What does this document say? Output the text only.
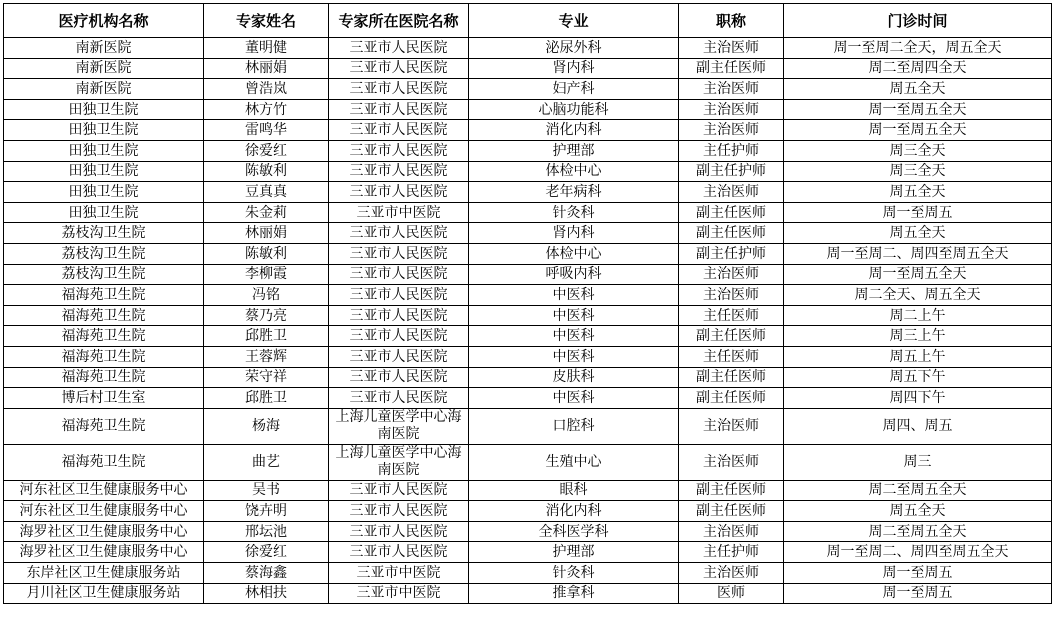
医疗机构名称	专家姓名	专家所在医院名称	专业	职称	门诊时间
南新医院	董明健	三亚市人民医院	泌尿外科	主治医师	周一至周二全天，周五全天
南新医院	林丽娟	三亚市人民医院	肾内科	副主任医师	周二至周四全天
南新医院	曾浩岚	三亚市人民医院	妇产科	主治医师	周五全天
田独卫生院	林方竹	三亚市人民医院	心脑功能科	主治医师	周一至周五全天
田独卫生院	雷鸣华	三亚市人民医院	消化内科	主治医师	周一至周五全天
田独卫生院	徐爱红	三亚市人民医院	护理部	主任护师	周三全天
田独卫生院	陈敏利	三亚市人民医院	体检中心	副主任护师	周三全天
田独卫生院	豆真真	三亚市人民医院	老年病科	主治医师	周五全天
田独卫生院	朱金莉	三亚市中医院	针灸科	副主任医师	周一至周五
荔枝沟卫生院	林丽娟	三亚市人民医院	肾内科	副主任医师	周五全天
荔枝沟卫生院	陈敏利	三亚市人民医院	体检中心	副主任护师	周一至周二、周四至周五全天
荔枝沟卫生院	李柳霞	三亚市人民医院	呼吸内科	主治医师	周一至周五全天
福海苑卫生院	冯铭	三亚市人民医院	中医科	主治医师	周二全天、周五全天
福海苑卫生院	蔡乃亮	三亚市人民医院	中医科	主任医师	周二上午
福海苑卫生院	邱胜卫	三亚市人民医院	中医科	副主任医师	周三上午
福海苑卫生院	王蓉辉	三亚市人民医院	中医科	主任医师	周五上午
福海苑卫生院	荣守祥	三亚市人民医院	皮肤科	副主任医师	周五下午
博后村卫生室	邱胜卫	三亚市人民医院	中医科	副主任医师	周四下午
福海苑卫生院	杨海	上海儿童医学中心海南医院	口腔科	主治医师	周四、周五
福海苑卫生院	曲艺	上海儿童医学中心海南医院	生殖中心	主治医师	周三
河东社区卫生健康服务中心	吴书	三亚市人民医院	眼科	副主任医师	周二至周五全天
河东社区卫生健康服务中心	饶卉明	三亚市人民医院	消化内科	副主任医师	周五全天
海罗社区卫生健康服务中心	邢坛池	三亚市人民医院	全科医学科	主治医师	周二至周五全天
海罗社区卫生健康服务中心	徐爱红	三亚市人民医院	护理部	主任护师	周一至周二、周四至周五全天
东岸社区卫生健康服务站	蔡海鑫	三亚市中医院	针灸科	主治医师	周一至周五
月川社区卫生健康服务站	林相扶	三亚市中医院	推拿科	医师	周一至周五
